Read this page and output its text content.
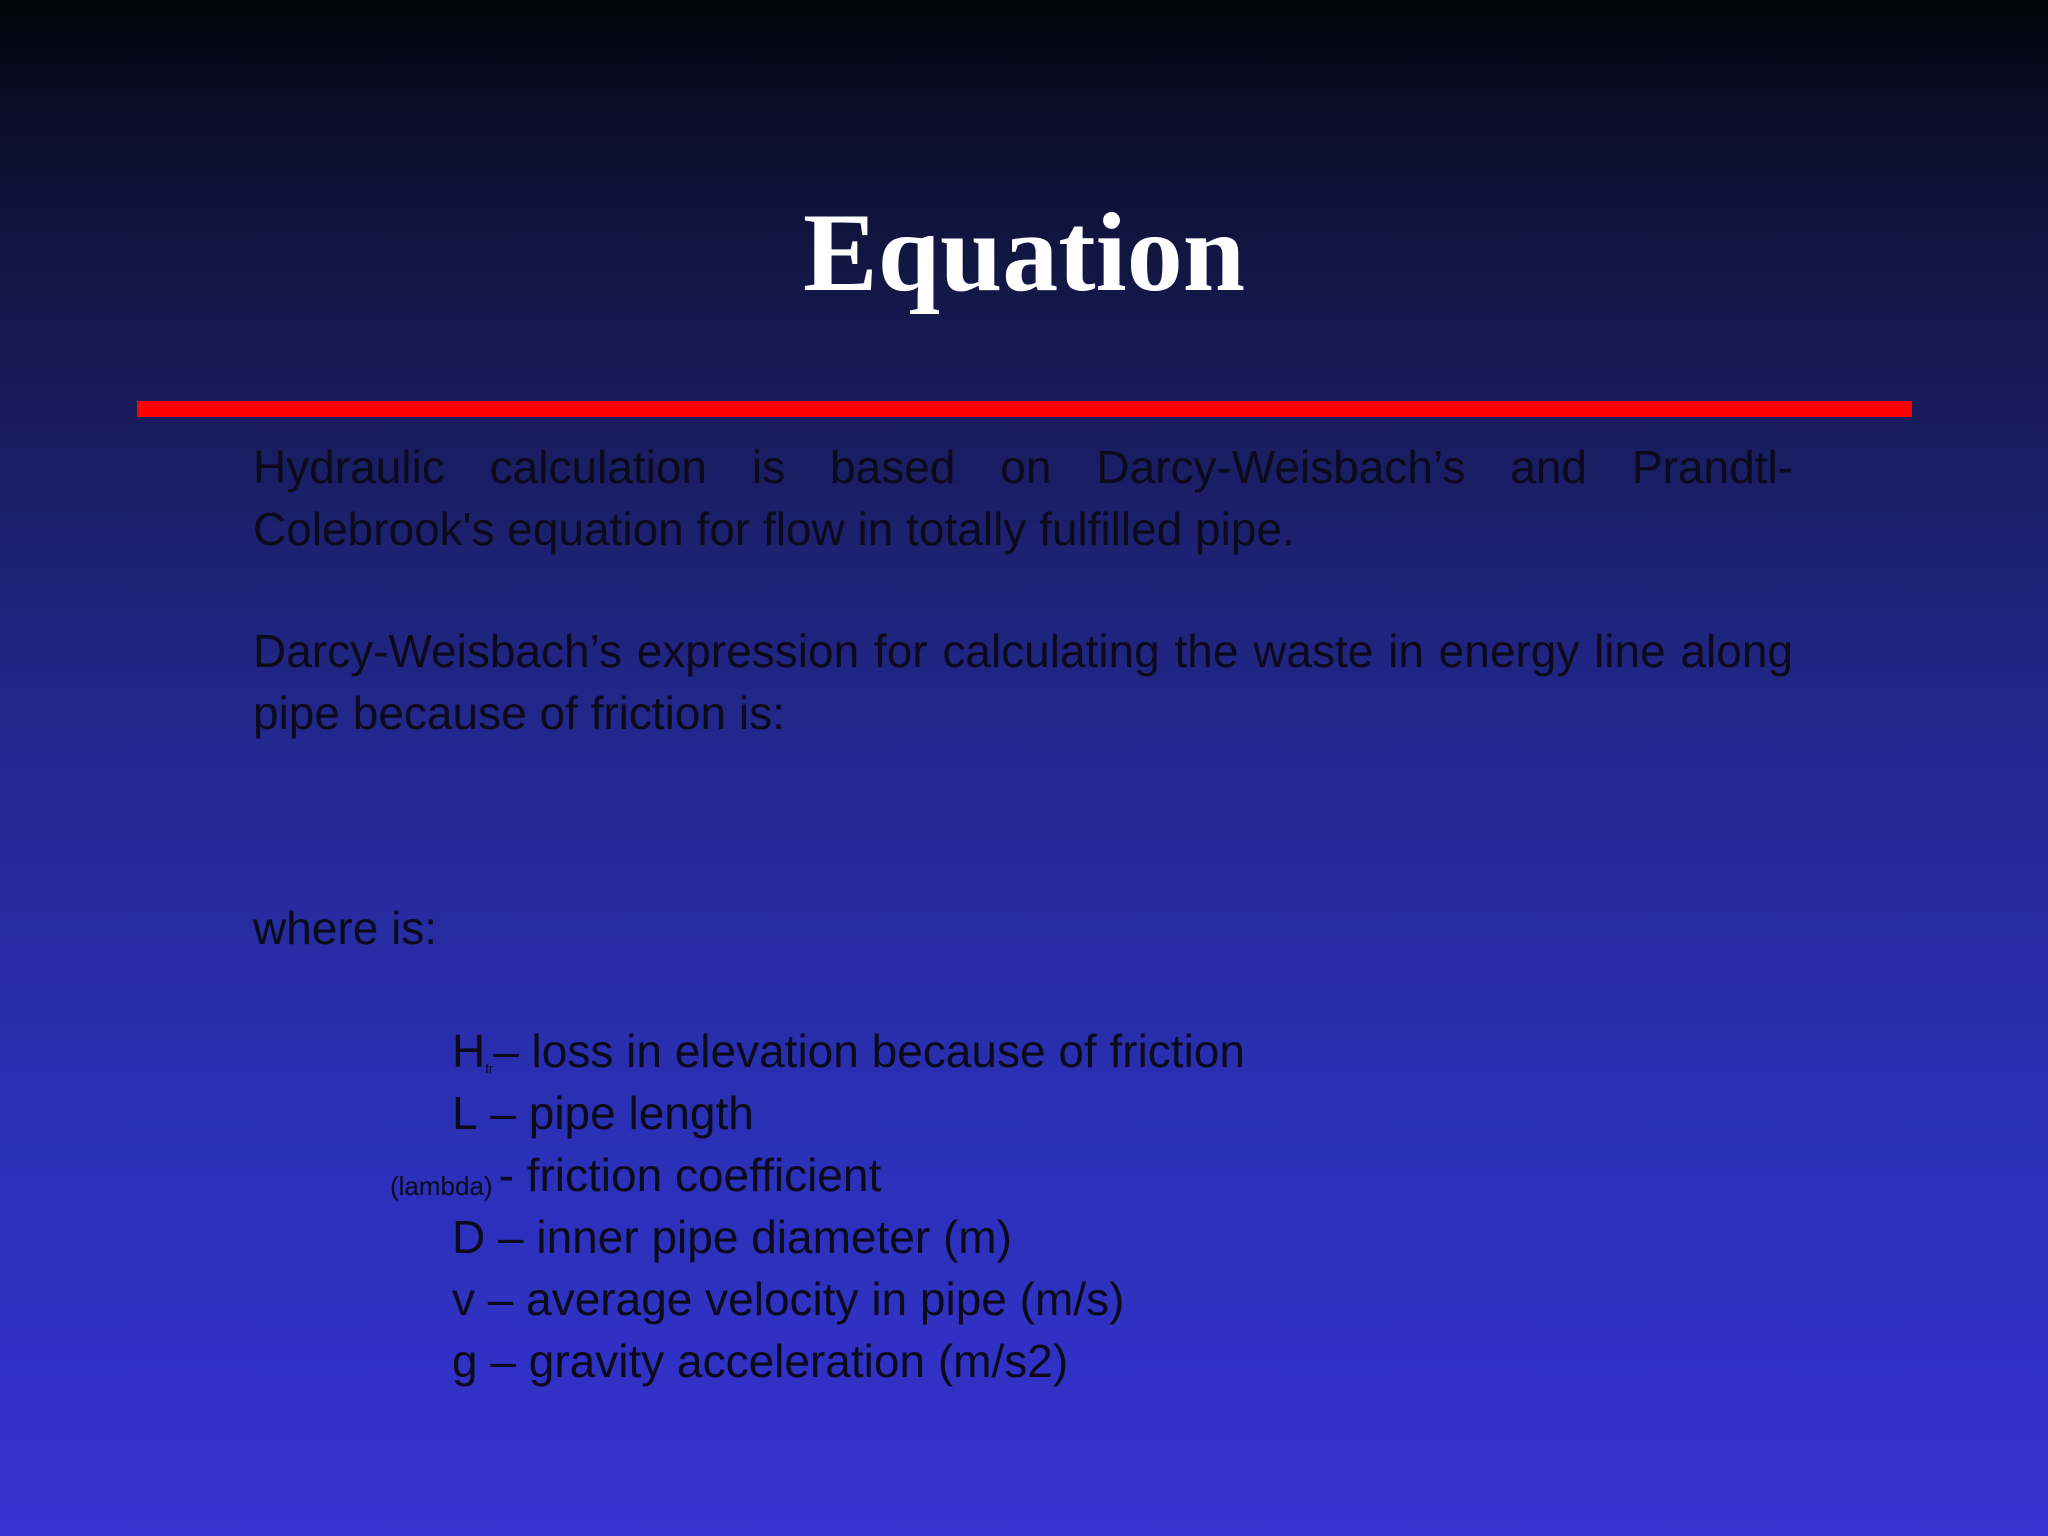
Equation

Hydraulic calculation is based on Darcy-Weisbach’s and Prandtl-Colebrook's equation for flow in totally fulfilled pipe.

Darcy-Weisbach’s expression for calculating the waste in energy line along pipe because of friction is:

where is:

$H_{fr}-$ loss in elevation because of friction
L – pipe length
(lambda) - friction coefficient
D – inner pipe diameter (m)
v – average velocity in pipe (m/s)
g – gravity acceleration (m/s2)
